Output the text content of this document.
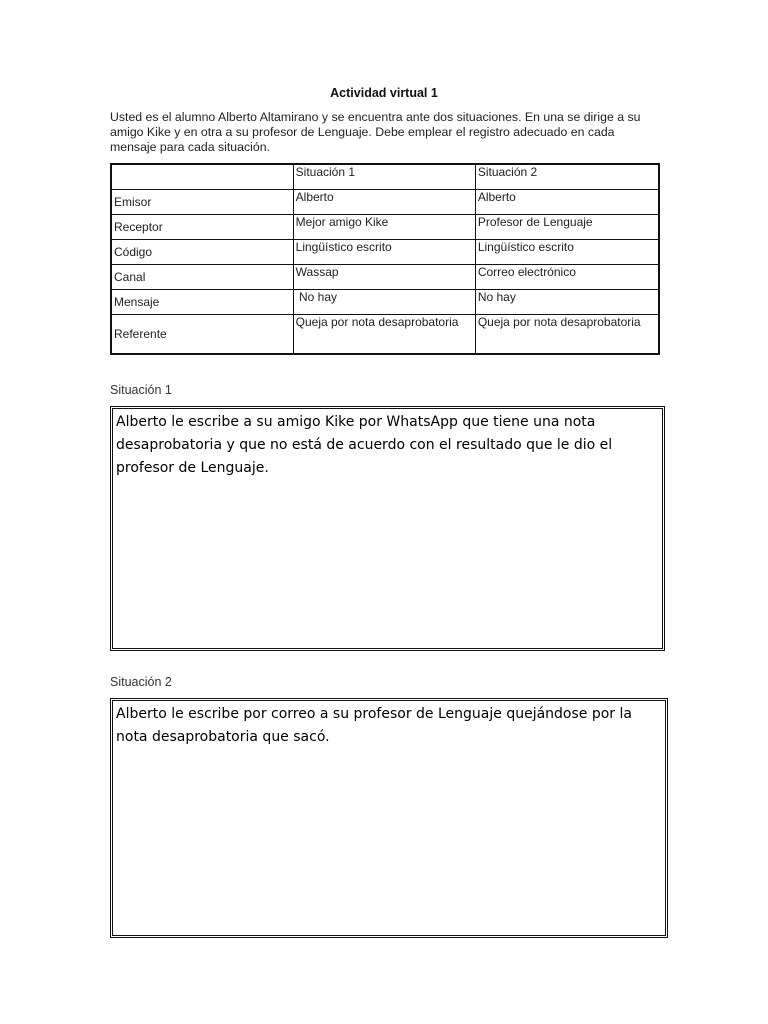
Actividad virtual 1
Usted es el alumno Alberto Altamirano y se encuentra ante dos situaciones. En una se dirige a su amigo Kike y en otra a su profesor de Lenguaje. Debe emplear el registro adecuado en cada mensaje para cada situación.
	Situación 1	Situación 2
Emisor	Alberto	Alberto
Receptor	Mejor amigo Kike	Profesor de Lenguaje
Código	Lingüístico escrito	Lingüístico escrito
Canal	Wassap	Correo electrónico
Mensaje	No hay	No hay
Referente	Queja por nota desaprobatoria	Queja por nota desaprobatoria
Situación 1
Alberto le escribe a su amigo Kike por WhatsApp que tiene una nota desaprobatoria y que no está de acuerdo con el resultado que le dio el profesor de Lenguaje.
Situación 2
Alberto le escribe por correo a su profesor de Lenguaje quejándose por la nota desaprobatoria que sacó.
